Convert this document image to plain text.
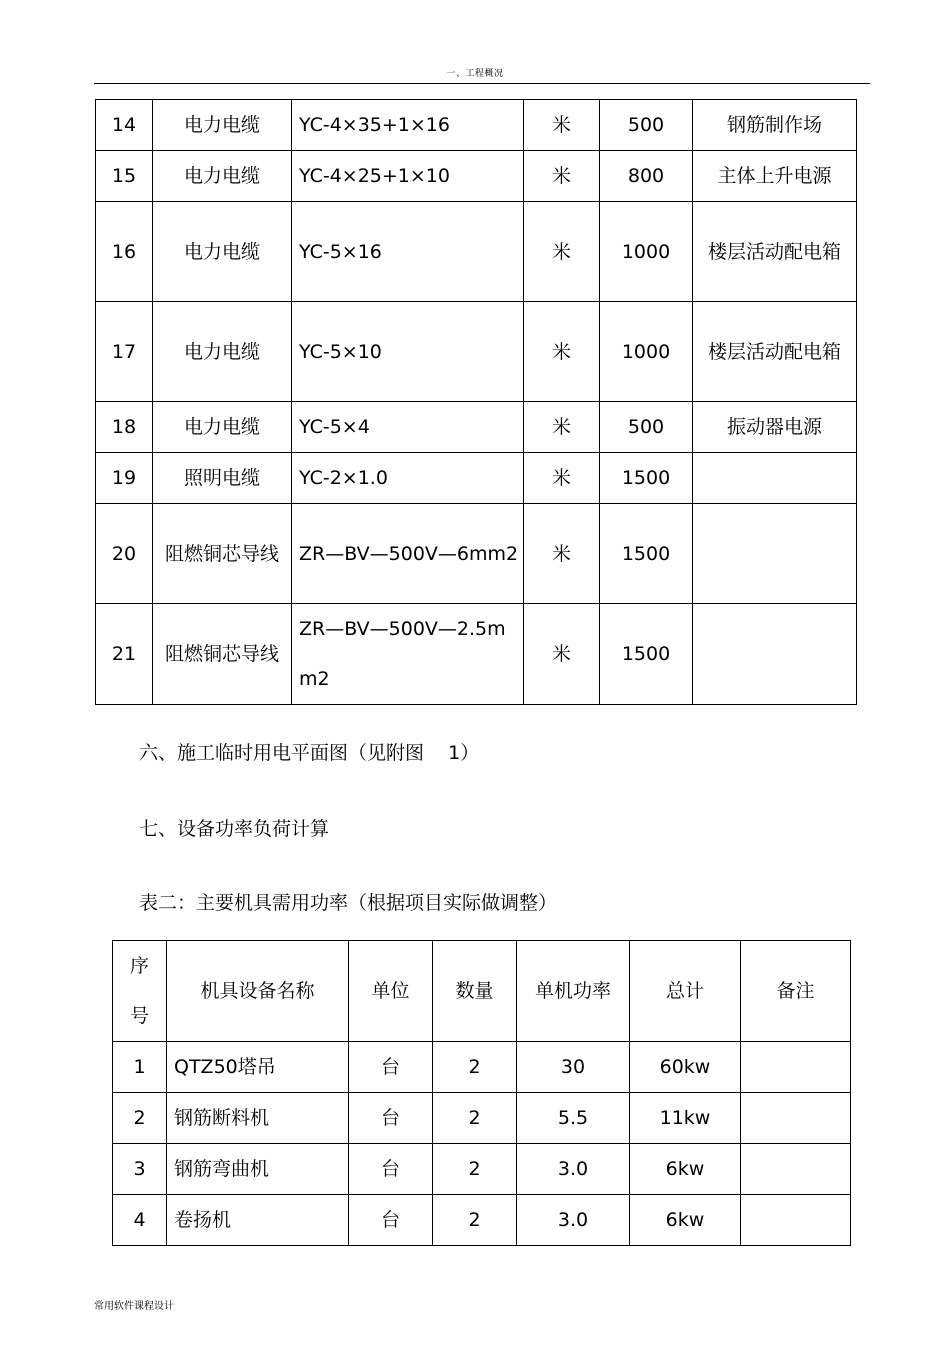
一、工程概况
14	电力电缆	YC-4×35+1×16	米	500	钢筋制作场
15	电力电缆	YC-4×25+1×10	米	800	主体上升电源
16	电力电缆	YC-5×16	米	1000	楼层活动配电箱
17	电力电缆	YC-5×10	米	1000	楼层活动配电箱
18	电力电缆	YC-5×4	米	500	振动器电源
19	照明电缆	YC-2×1.0	米	1500	
20	阻燃铜芯导线	ZR—BV—500V—6mm2	米	1500	
21	阻燃铜芯导线	ZR—BV—500V—2.5mm2	米	1500	
六、施工临时用电平面图（见附图    1）
七、设备功率负荷计算
表二：主要机具需用功率（根据项目实际做调整）
序号	机具设备名称	单位	数量	单机功率	总计	备注
1	QTZ50塔吊	台	2	30	60kw	
2	钢筋断料机	台	2	5.5	11kw	
3	钢筋弯曲机	台	2	3.0	6kw	
4	卷扬机	台	2	3.0	6kw	
常用软件课程设计
